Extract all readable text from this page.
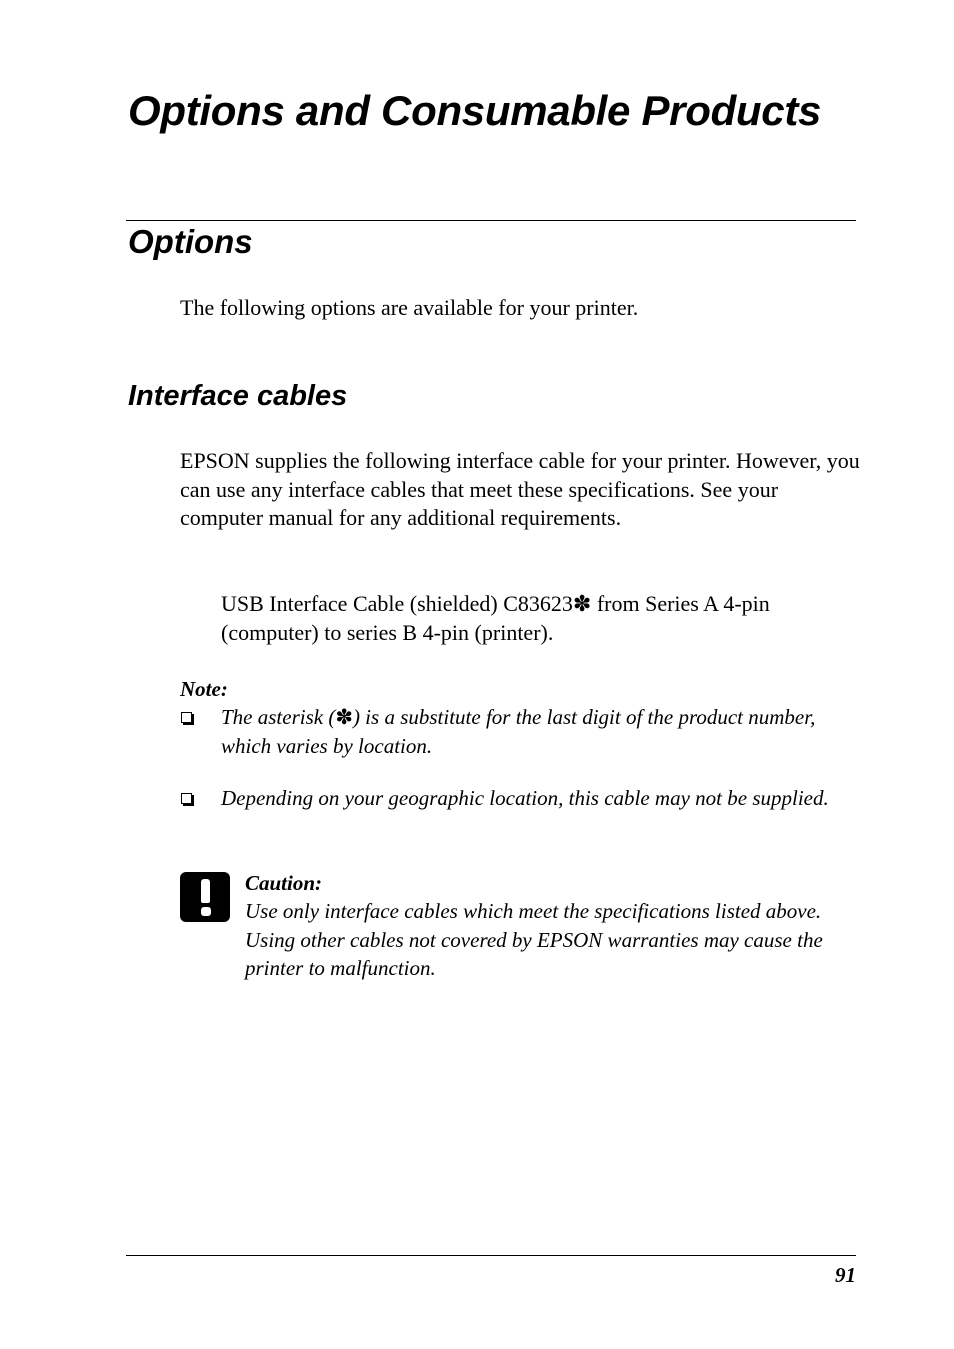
Options and Consumable Products
Options

The following options are available for your printer.

Interface cables

EPSON supplies the following interface cable for your printer. However, you can use any interface cables that meet these specifications. See your computer manual for any additional requirements.

USB Interface Cable (shielded) C83623✽ from Series A 4-pin (computer) to series B 4-pin (printer).

Note:
The asterisk (✽) is a substitute for the last digit of the product number, which varies by location.
Depending on your geographic location, this cable may not be supplied.
Caution:
Use only interface cables which meet the specifications listed above. Using other cables not covered by EPSON warranties may cause the printer to malfunction.
91
